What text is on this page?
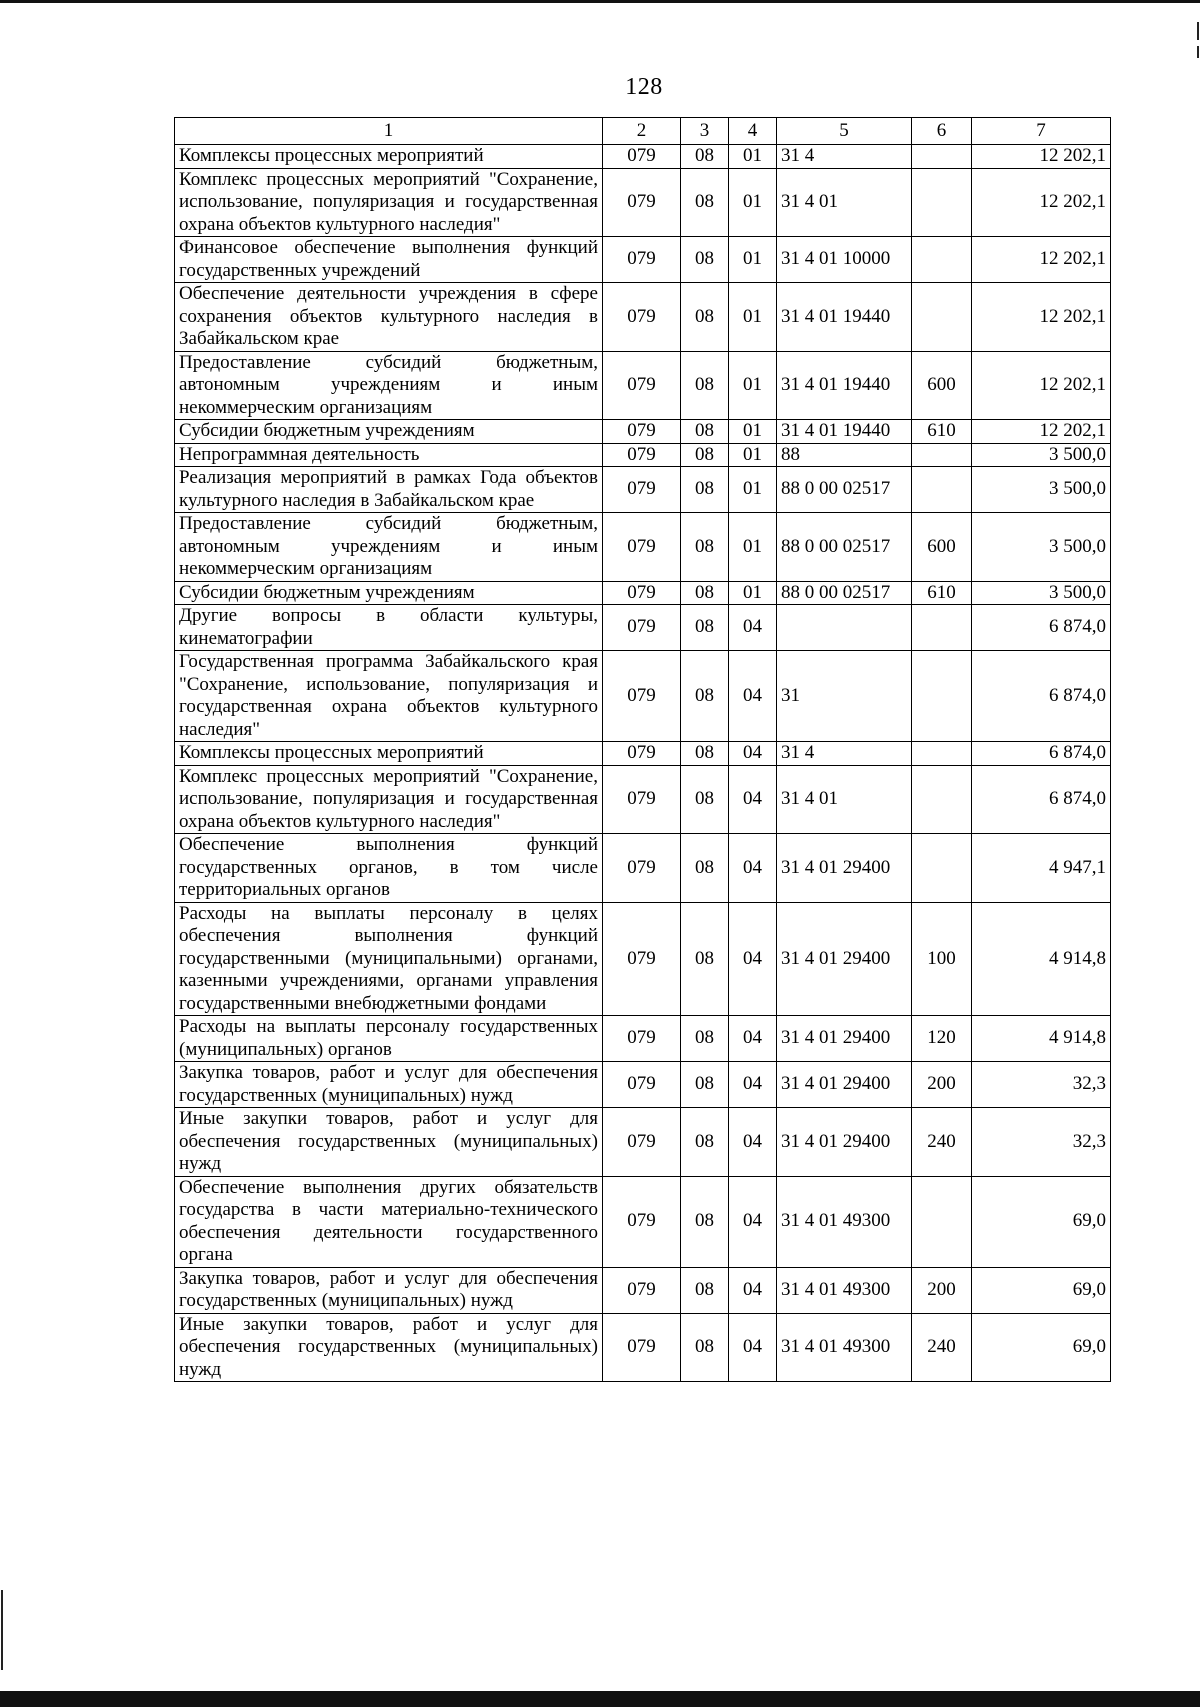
128
1	2	3	4	5	6	7
Комплексы процессных мероприятий	079	08	01	31 4		12 202,1
Комплекс процессных мероприятий "Сохранение, использование, популяризация и государственная охрана объектов культурного наследия"	079	08	01	31 4 01		12 202,1
Финансовое обеспечение выполнения функций государственных учреждений	079	08	01	31 4 01 10000		12 202,1
Обеспечение деятельности учреждения в сфере сохранения объектов культурного наследия в Забайкальском крае	079	08	01	31 4 01 19440		12 202,1
Предоставление субсидий бюджетным, автономным учреждениям и иным некоммерческим организациям	079	08	01	31 4 01 19440	600	12 202,1
Субсидии бюджетным учреждениям	079	08	01	31 4 01 19440	610	12 202,1
Непрограммная деятельность	079	08	01	88		3 500,0
Реализация мероприятий в рамках Года объектов культурного наследия в Забайкальском крае	079	08	01	88 0 00 02517		3 500,0
Предоставление субсидий бюджетным, автономным учреждениям и иным некоммерческим организациям	079	08	01	88 0 00 02517	600	3 500,0
Субсидии бюджетным учреждениям	079	08	01	88 0 00 02517	610	3 500,0
Другие вопросы в области культуры, кинематографии	079	08	04			6 874,0
Государственная программа Забайкальского края "Сохранение, использование, популяризация и государственная охрана объектов культурного наследия"	079	08	04	31		6 874,0
Комплексы процессных мероприятий	079	08	04	31 4		6 874,0
Комплекс процессных мероприятий "Сохранение, использование, популяризация и государственная охрана объектов культурного наследия"	079	08	04	31 4 01		6 874,0
Обеспечение выполнения функций государственных органов, в том числе территориальных органов	079	08	04	31 4 01 29400		4 947,1
Расходы на выплаты персоналу в целях обеспечения выполнения функций государственными (муниципальными) органами, казенными учреждениями, органами управления государственными внебюджетными фондами	079	08	04	31 4 01 29400	100	4 914,8
Расходы на выплаты персоналу государственных (муниципальных) органов	079	08	04	31 4 01 29400	120	4 914,8
Закупка товаров, работ и услуг для обеспечения государственных (муниципальных) нужд	079	08	04	31 4 01 29400	200	32,3
Иные закупки товаров, работ и услуг для обеспечения государственных (муниципальных) нужд	079	08	04	31 4 01 29400	240	32,3
Обеспечение выполнения других обязательств государства в части материально-технического обеспечения деятельности государственного органа	079	08	04	31 4 01 49300		69,0
Закупка товаров, работ и услуг для обеспечения государственных (муниципальных) нужд	079	08	04	31 4 01 49300	200	69,0
Иные закупки товаров, работ и услуг для обеспечения государственных (муниципальных) нужд	079	08	04	31 4 01 49300	240	69,0
